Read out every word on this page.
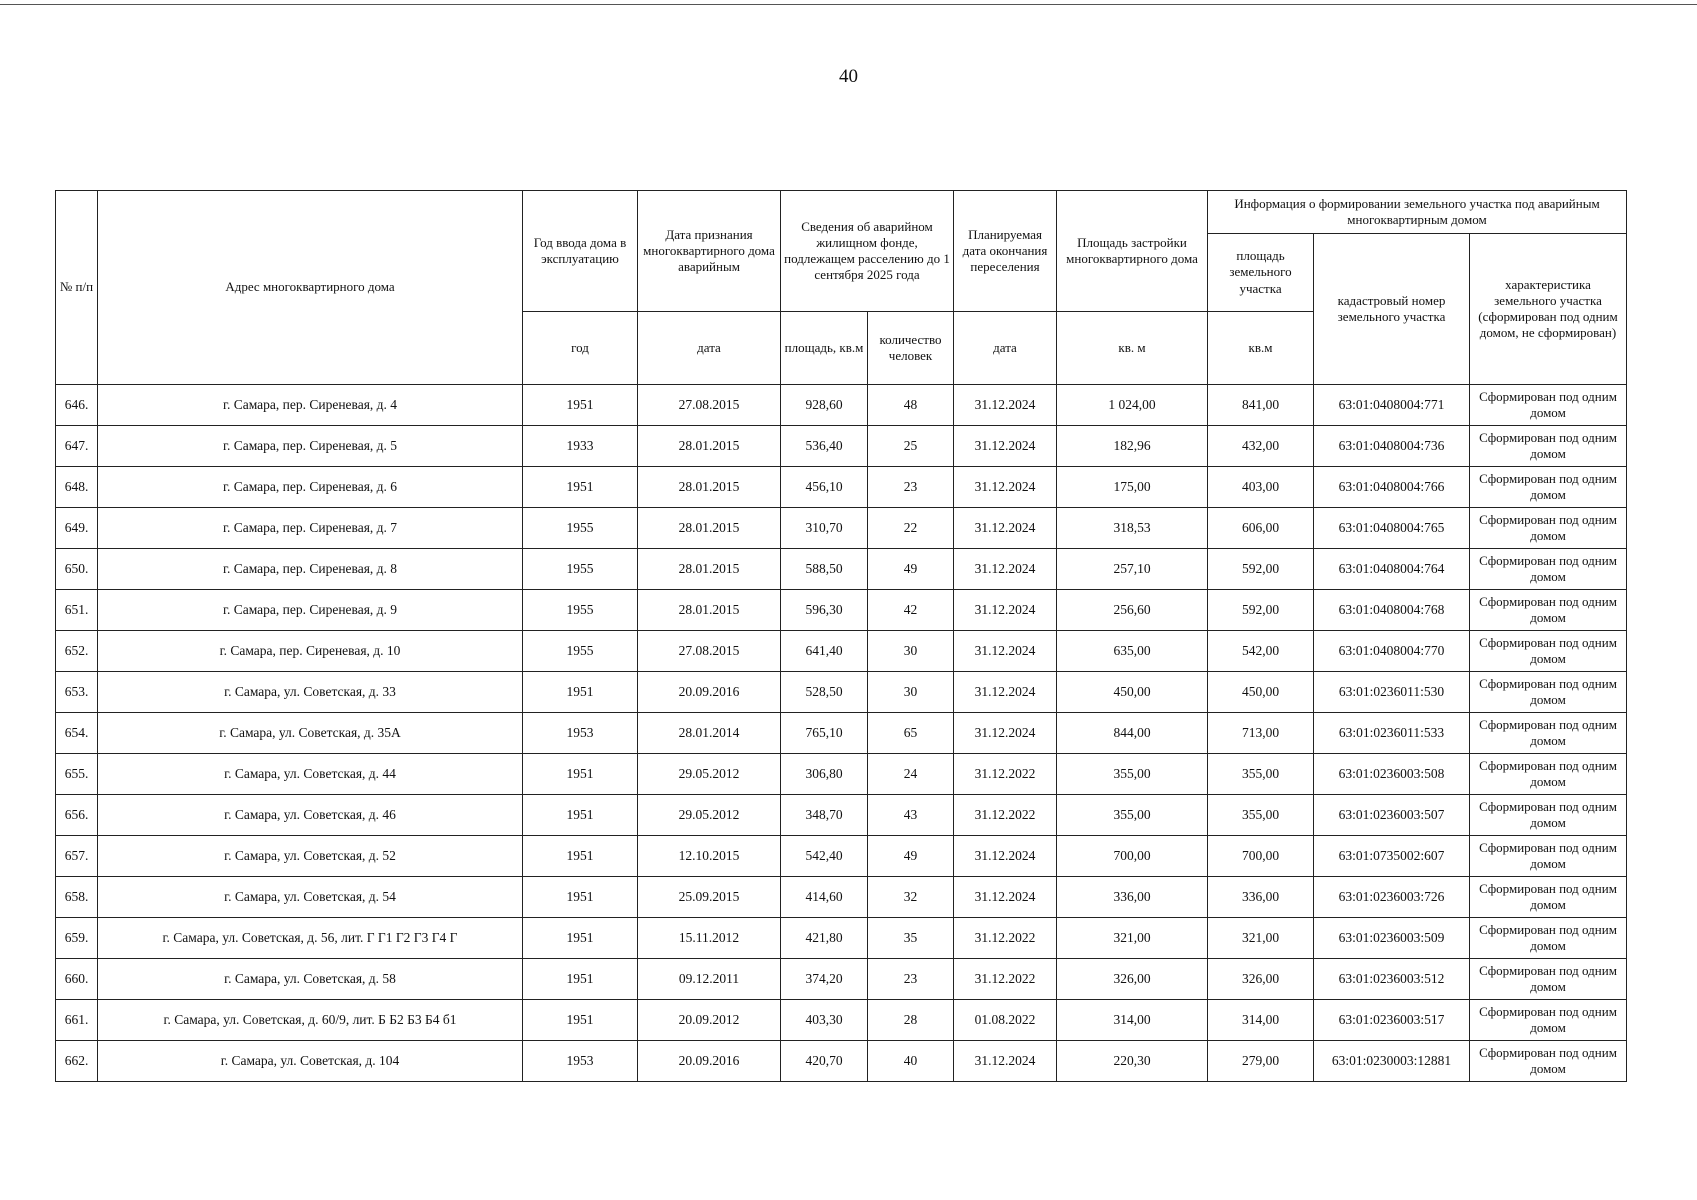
40
№ п/п	Адрес многоквартирного дома	Год ввода дома в эксплуатацию	Дата признания многоквартирного дома аварийным	Сведения об аварийном жилищном фонде, подлежащем расселению до 1 сентября 2025 года		Планируемая дата окончания переселения	Площадь застройки многоквартирного дома	Информация о формировании земельного участка под аварийным многоквартирным домом		
								площадь земельного участка	кадастровый номер земельного участка	характеристика земельного участка (сформирован под одним домом, не сформирован)
		год	дата	площадь, кв.м	количество человек	дата	кв. м	кв.м		
646.	г. Самара, пер. Сиреневая, д. 4	1951	27.08.2015	928,60	48	31.12.2024	1 024,00	841,00	63:01:0408004:771	Сформирован под одним домом
647.	г. Самара, пер. Сиреневая, д. 5	1933	28.01.2015	536,40	25	31.12.2024	182,96	432,00	63:01:0408004:736	Сформирован под одним домом
648.	г. Самара, пер. Сиреневая, д. 6	1951	28.01.2015	456,10	23	31.12.2024	175,00	403,00	63:01:0408004:766	Сформирован под одним домом
649.	г. Самара, пер. Сиреневая, д. 7	1955	28.01.2015	310,70	22	31.12.2024	318,53	606,00	63:01:0408004:765	Сформирован под одним домом
650.	г. Самара, пер. Сиреневая, д. 8	1955	28.01.2015	588,50	49	31.12.2024	257,10	592,00	63:01:0408004:764	Сформирован под одним домом
651.	г. Самара, пер. Сиреневая, д. 9	1955	28.01.2015	596,30	42	31.12.2024	256,60	592,00	63:01:0408004:768	Сформирован под одним домом
652.	г. Самара, пер. Сиреневая, д. 10	1955	27.08.2015	641,40	30	31.12.2024	635,00	542,00	63:01:0408004:770	Сформирован под одним домом
653.	г. Самара, ул. Советская, д. 33	1951	20.09.2016	528,50	30	31.12.2024	450,00	450,00	63:01:0236011:530	Сформирован под одним домом
654.	г. Самара, ул. Советская, д. 35А	1953	28.01.2014	765,10	65	31.12.2024	844,00	713,00	63:01:0236011:533	Сформирован под одним домом
655.	г. Самара, ул. Советская, д. 44	1951	29.05.2012	306,80	24	31.12.2022	355,00	355,00	63:01:0236003:508	Сформирован под одним домом
656.	г. Самара, ул. Советская, д. 46	1951	29.05.2012	348,70	43	31.12.2022	355,00	355,00	63:01:0236003:507	Сформирован под одним домом
657.	г. Самара, ул. Советская, д. 52	1951	12.10.2015	542,40	49	31.12.2024	700,00	700,00	63:01:0735002:607	Сформирован под одним домом
658.	г. Самара, ул. Советская, д. 54	1951	25.09.2015	414,60	32	31.12.2024	336,00	336,00	63:01:0236003:726	Сформирован под одним домом
659.	г. Самара, ул. Советская, д. 56, лит. Г Г1 Г2 Г3 Г4 Г	1951	15.11.2012	421,80	35	31.12.2022	321,00	321,00	63:01:0236003:509	Сформирован под одним домом
660.	г. Самара, ул. Советская, д. 58	1951	09.12.2011	374,20	23	31.12.2022	326,00	326,00	63:01:0236003:512	Сформирован под одним домом
661.	г. Самара, ул. Советская, д. 60/9, лит. Б Б2 Б3 Б4 б1	1951	20.09.2012	403,30	28	01.08.2022	314,00	314,00	63:01:0236003:517	Сформирован под одним домом
662.	г. Самара, ул. Советская, д. 104	1953	20.09.2016	420,70	40	31.12.2024	220,30	279,00	63:01:0230003:12881	Сформирован под одним домом
